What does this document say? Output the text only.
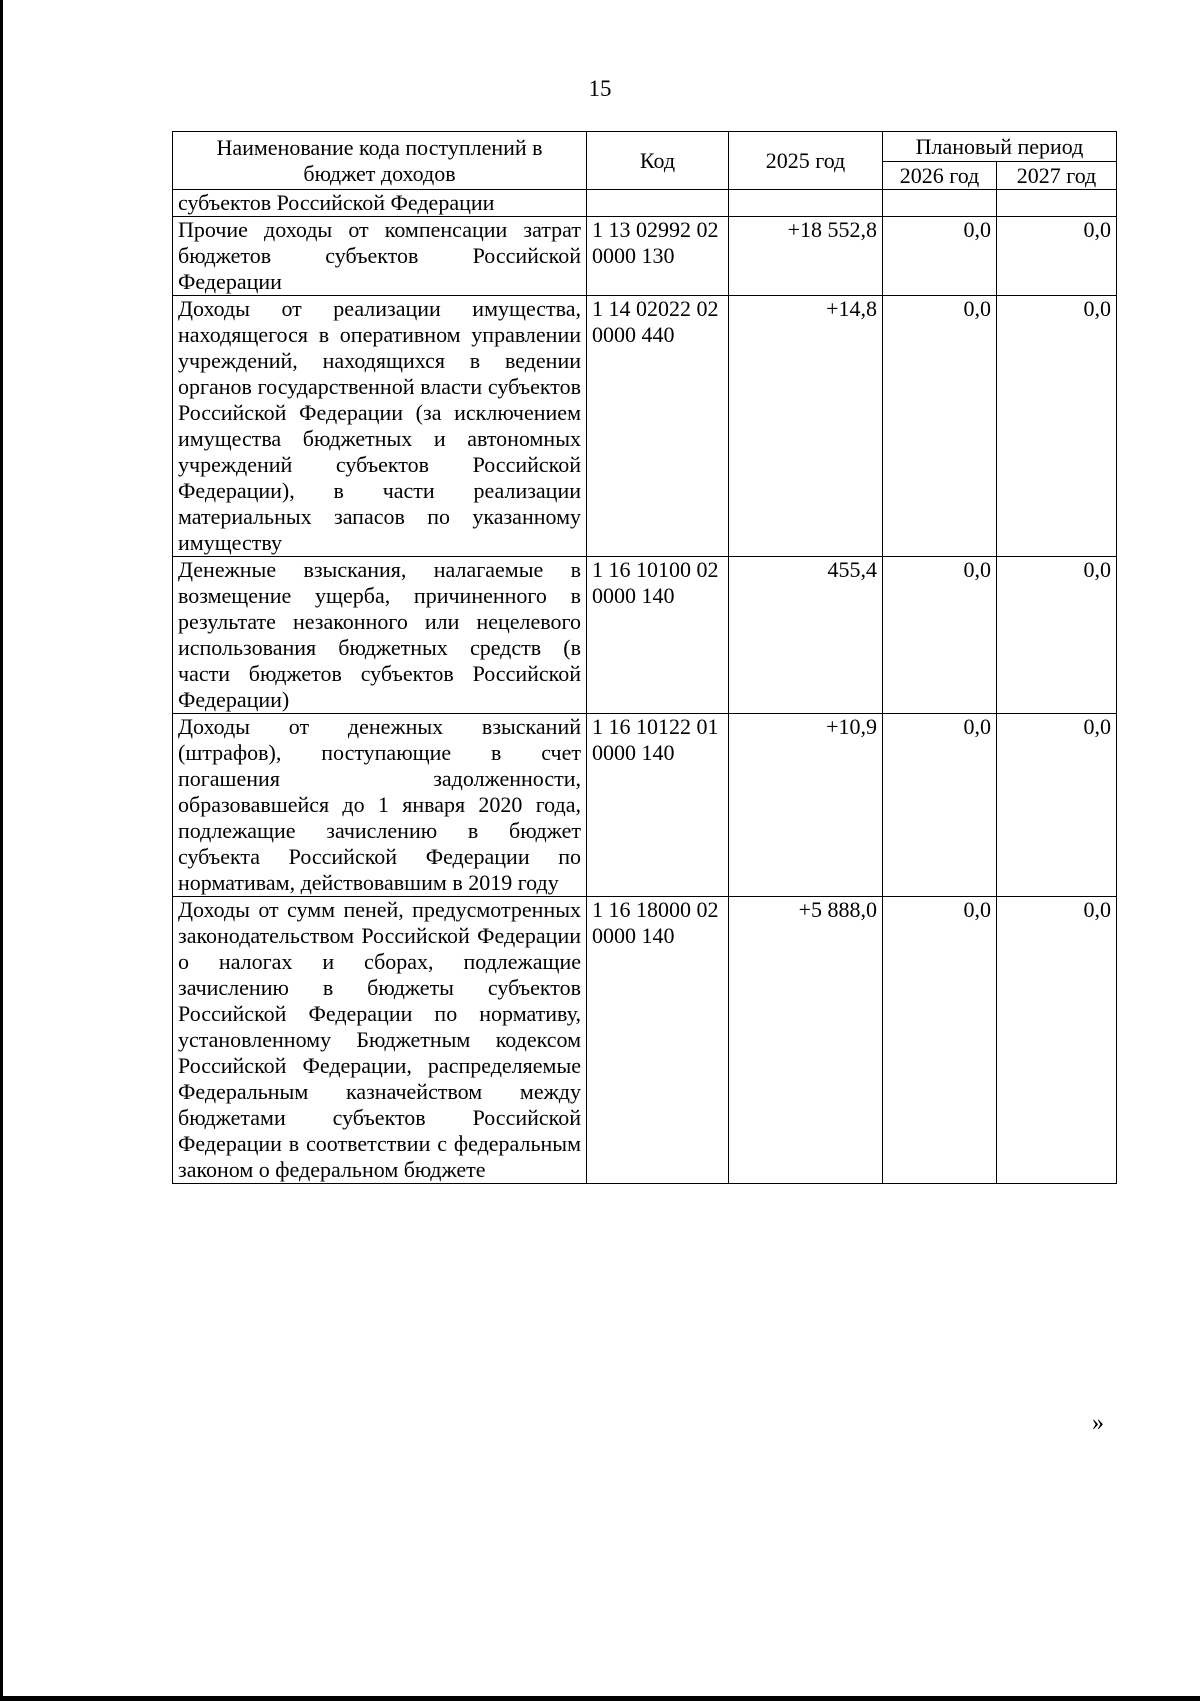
15
Наименование кода поступлений в бюджет доходов	Код	2025 год	Плановый период	
			2026 год	2027 год
субъектов Российской Федерации				
Прочие доходы от компенсации затрат бюджетов субъектов Российской Федерации	1 13 02992 02 0000 130	+18 552,8	0,0	0,0
Доходы от реализации имущества, находящегося в оперативном управлении учреждений, находящихся в ведении органов государственной власти субъектов Российской Федерации (за исключением имущества бюджетных и автономных учреждений субъектов Российской Федерации), в части реализации материальных запасов по указанному имуществу	1 14 02022 02 0000 440	+14,8	0,0	0,0
Денежные взыскания, налагаемые в возмещение ущерба, причиненного в результате незаконного или нецелевого использования бюджетных средств (в части бюджетов субъектов Российской Федерации)	1 16 10100 02 0000 140	455,4	0,0	0,0
Доходы от денежных взысканий (штрафов), поступающие в счет погашения задолженности, образовавшейся до 1 января 2020 года, подлежащие зачислению в бюджет субъекта Российской Федерации по нормативам, действовавшим в 2019 году	1 16 10122 01 0000 140	+10,9	0,0	0,0
Доходы от сумм пеней, предусмотренных законодательством Российской Федерации о налогах и сборах, подлежащие зачислению в бюджеты субъектов Российской Федерации по нормативу, установленному Бюджетным кодексом Российской Федерации, распределяемые Федеральным казначейством между бюджетами субъектов Российской Федерации в соответствии с федеральным законом о федеральном бюджете	1 16 18000 02 0000 140	+5 888,0	0,0	0,0
»
